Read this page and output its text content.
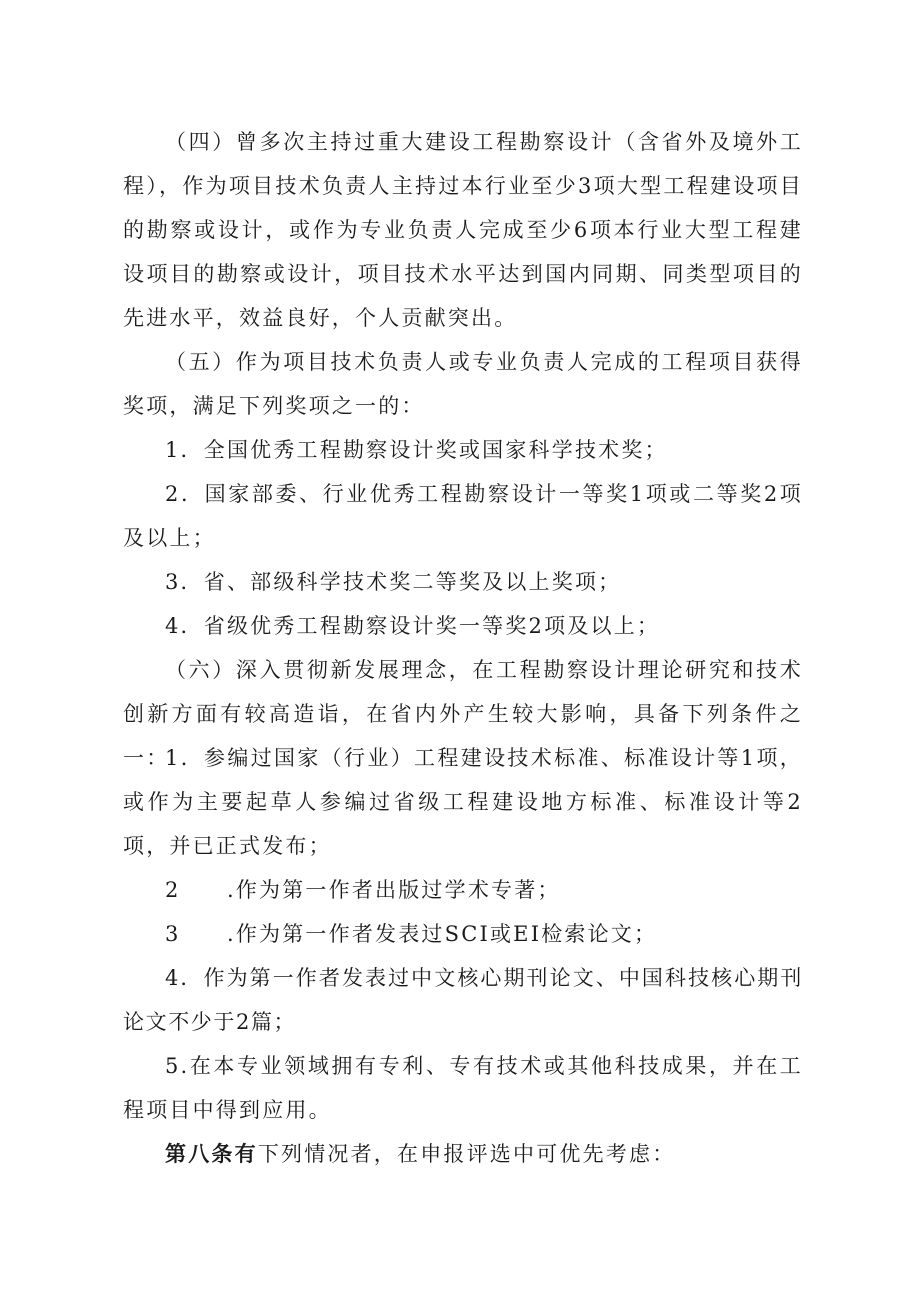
（四）曾多次主持过重大建设工程勘察设计（含省外及境外工程），作为项目技术负责人主持过本行业至少3项大型工程建设项目的勘察或设计，或作为专业负责人完成至少6项本行业大型工程建设项目的勘察或设计，项目技术水平达到国内同期、同类型项目的先进水平，效益良好，个人贡献突出。

（五）作为项目技术负责人或专业负责人完成的工程项目获得奖项，满足下列奖项之一的：

1．全国优秀工程勘察设计奖或国家科学技术奖；

2．国家部委、行业优秀工程勘察设计一等奖1项或二等奖2项及以上；

3．省、部级科学技术奖二等奖及以上奖项；

4．省级优秀工程勘察设计奖一等奖2项及以上；

（六）深入贯彻新发展理念，在工程勘察设计理论研究和技术创新方面有较高造诣，在省内外产生较大影响，具备下列条件之一：

1．参编过国家（行业）工程建设技术标准、标准设计等1项，或作为主要起草人参编过省级工程建设地方标准、标准设计等2项，并已正式发布；

2　　.作为第一作者出版过学术专著；

3　　.作为第一作者发表过SCI或EI检索论文；

4．作为第一作者发表过中文核心期刊论文、中国科技核心期刊论文不少于2篇；

5.在本专业领域拥有专利、专有技术或其他科技成果，并在工程项目中得到应用。

第八条有下列情况者，在申报评选中可优先考虑：
